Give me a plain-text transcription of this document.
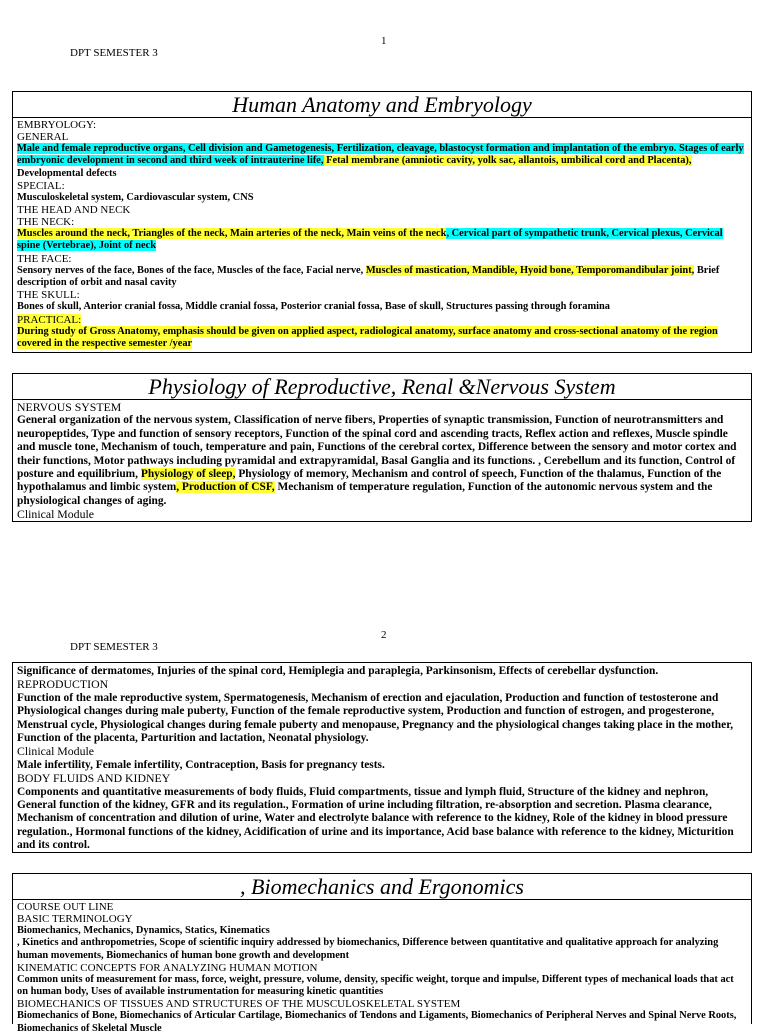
1
DPT SEMESTER 3
Human Anatomy and Embryology
EMBRYOLOGY:
GENERAL

Male and female reproductive organs, Cell division and Gametogenesis, Fertilization, cleavage, blastocyst formation and implantation of the embryo. Stages of early embryonic development in second and third week of intrauterine life, Fetal membrane (amniotic cavity, yolk sac, allantois, umbilical cord and Placenta), Developmental defects

SPECIAL:

Musculoskeletal system, Cardiovascular system, CNS

THE HEAD AND NECK
THE NECK:

Muscles around the neck, Triangles of the neck, Main arteries of the neck, Main veins of the neck, Cervical part of sympathetic trunk, Cervical plexus, Cervical spine (Vertebrae), Joint of neck

THE FACE:

Sensory nerves of the face, Bones of the face, Muscles of the face, Facial nerve, Muscles of mastication, Mandible, Hyoid bone, Temporomandibular joint, Brief description of orbit and nasal cavity

THE SKULL:

Bones of skull, Anterior cranial fossa, Middle cranial fossa, Posterior cranial fossa, Base of skull, Structures passing through foramina

PRACTICAL:

During study of Gross Anatomy, emphasis should be given on applied aspect, radiological anatomy, surface anatomy and cross-sectional anatomy of the region covered in the respective semester /year

Physiology of Reproductive, Renal &Nervous System
NERVOUS SYSTEM

General organization of the nervous system, Classification of nerve fibers, Properties of synaptic transmission, Function of neurotransmitters and neuropeptides, Type and function of sensory receptors, Function of the spinal cord and ascending tracts, Reflex action and reflexes, Muscle spindle and muscle tone, Mechanism of touch, temperature and pain, Functions of the cerebral cortex, Difference between the sensory and motor cortex and their functions, Motor pathways including pyramidal and extrapyramidal, Basal Ganglia and its functions. , Cerebellum and its function, Control of posture and equilibrium, Physiology of sleep, Physiology of memory, Mechanism and control of speech, Function of the thalamus, Function of the hypothalamus and limbic system, Production of CSF, Mechanism of temperature regulation, Function of the autonomic nervous system and the physiological changes of aging.

Clinical Module
2
DPT SEMESTER 3

Significance of dermatomes, Injuries of the spinal cord, Hemiplegia and paraplegia, Parkinsonism, Effects of cerebellar dysfunction.

REPRODUCTION

Function of the male reproductive system, Spermatogenesis, Mechanism of erection and ejaculation, Production and function of testosterone and Physiological changes during male puberty, Function of the female reproductive system, Production and function of estrogen, and progesterone, Menstrual cycle, Physiological changes during female puberty and menopause, Pregnancy and the physiological changes taking place in the mother, Function of the placenta, Parturition and lactation, Neonatal physiology.

Clinical Module

Male infertility, Female infertility, Contraception, Basis for pregnancy tests.

BODY FLUIDS AND KIDNEY

Components and quantitative measurements of body fluids, Fluid compartments, tissue and lymph fluid, Structure of the kidney and nephron, General function of the kidney, GFR and its regulation., Formation of urine including filtration, re-absorption and secretion. Plasma clearance, Mechanism of concentration and dilution of urine, Water and electrolyte balance with reference to the kidney, Role of the kidney in blood pressure regulation., Hormonal functions of the kidney, Acidification of urine and its importance, Acid base balance with reference to the kidney, Micturition and its control.

, Biomechanics and Ergonomics
COURSE OUT LINE
BASIC TERMINOLOGY

Biomechanics, Mechanics, Dynamics, Statics, Kinematics

, Kinetics and anthropometries, Scope of scientific inquiry addressed by biomechanics, Difference between quantitative and qualitative approach for analyzing human movements, Biomechanics of human bone growth and development

KINEMATIC CONCEPTS FOR ANALYZING HUMAN MOTION

Common units of measurement for mass, force, weight, pressure, volume, density, specific weight, torque and impulse, Different types of mechanical loads that act on human body, Uses of available instrumentation for measuring kinetic quantities

BIOMECHANICS OF TISSUES AND STRUCTURES OF THE MUSCULOSKELETAL SYSTEM

Biomechanics of Bone, Biomechanics of Articular Cartilage, Biomechanics of Tendons and Ligaments, Biomechanics of Peripheral Nerves and Spinal Nerve Roots, Biomechanics of Skeletal Muscle
